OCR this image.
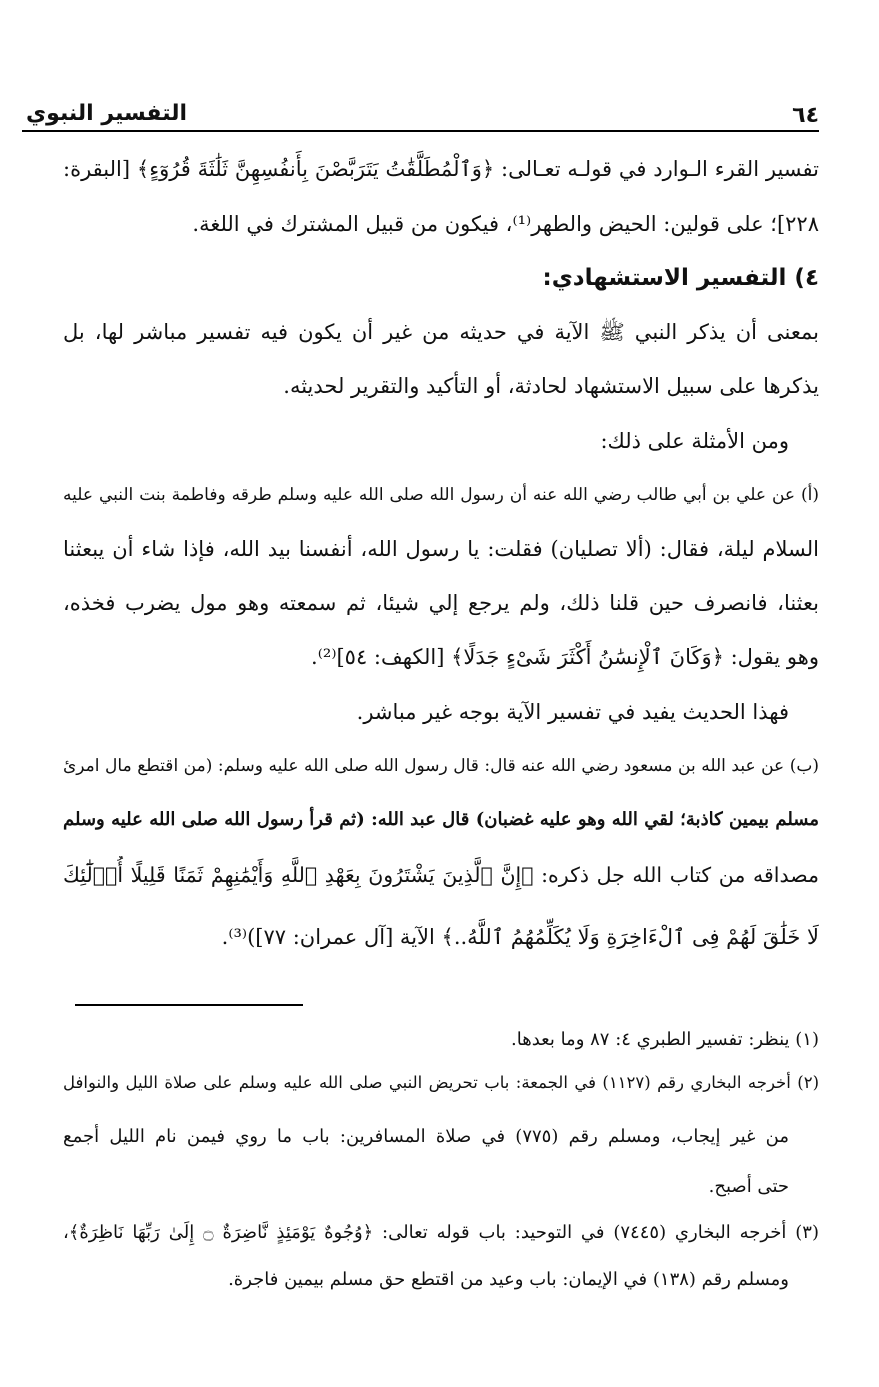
التفسير النبوي	٦٤
تفسير القرء الـوارد في قولـه تعـالى: ﴿وَٱلْمُطَلَّقَٰتُ يَتَرَبَّصْنَ بِأَنفُسِهِنَّ ثَلَٰثَةَ قُرُوٓءٍ﴾ [البقرة:
٢٢٨]؛ على قولين: الحيض والطهر⁽¹⁾، فيكون من قبيل المشترك في اللغة.
٤) التفسير الاستشهادي:
بمعنى أن يذكر النبي ﷺ الآية في حديثه من غير أن يكون فيه تفسير مباشر لها، بل
يذكرها على سبيل الاستشهاد لحادثة، أو التأكيد والتقرير لحديثه.
ومن الأمثلة على ذلك:
(أ) عن علي بن أبي طالب رضي الله عنه أن رسول الله صلى الله عليه وسلم طرقه وفاطمة بنت النبي عليه
السلام ليلة، فقال: (ألا تصليان) فقلت: يا رسول الله، أنفسنا بيد الله، فإذا شاء أن يبعثنا
بعثنا، فانصرف حين قلنا ذلك، ولم يرجع إلي شيئا، ثم سمعته وهو مول يضرب فخذه،
وهو يقول: ﴿وَكَانَ ٱلْإِنسَٰنُ أَكْثَرَ شَىْءٍ جَدَلًا﴾ [الكهف: ٥٤]⁽²⁾.
فهذا الحديث يفيد في تفسير الآية بوجه غير مباشر.
(ب) عن عبد الله بن مسعود رضي الله عنه قال: قال رسول الله صلى الله عليه وسلم: (من اقتطع مال امرئ
مسلم بيمين كاذبة؛ لقي الله وهو عليه غضبان) قال عبد الله: (ثم قرأ رسول الله صلى الله عليه وسلم
مصداقه من كتاب الله جل ذكره: ﴿إِنَّ ٱلَّذِينَ يَشْتَرُونَ بِعَهْدِ ٱللَّهِ وَأَيْمَٰنِهِمْ ثَمَنًا قَلِيلًا أُو۟لَٰٓئِكَ
لَا خَلَٰقَ لَهُمْ فِى ٱلْءَاخِرَةِ وَلَا يُكَلِّمُهُمُ ٱللَّهُ..﴾ الآية [آل عمران: ٧٧])⁽³⁾.
(١) ينظر: تفسير الطبري ٤: ٨٧ وما بعدها.
(٢) أخرجه البخاري رقم (١١٢٧) في الجمعة: باب تحريض النبي صلى الله عليه وسلم على صلاة الليل والنوافل
من غير إيجاب، ومسلم رقم (٧٧٥) في صلاة المسافرين: باب ما روي فيمن نام الليل أجمع
حتى أصبح.
(٣) أخرجه البخاري (٧٤٤٥) في التوحيد: باب قوله تعالى: ﴿وُجُوهٌ يَوْمَئِذٍ نَّاضِرَةٌ ۝ إِلَىٰ رَبِّهَا نَاظِرَةٌ﴾،
ومسلم رقم (١٣٨) في الإيمان: باب وعيد من اقتطع حق مسلم بيمين فاجرة.
